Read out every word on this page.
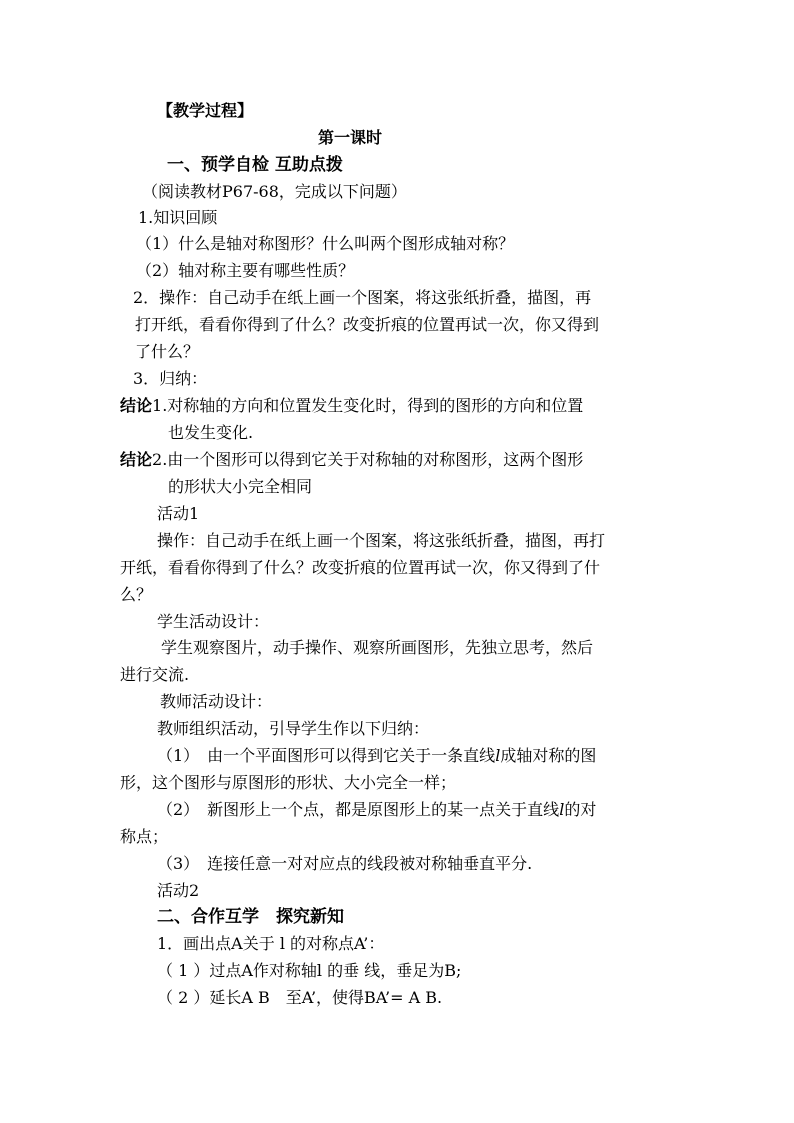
【教学过程】
第一课时
一、预学自检 互助点拨
（阅读教材P67-68，完成以下问题）
1.知识回顾
（1）什么是轴对称图形？什么叫两个图形成轴对称？
（2）轴对称主要有哪些性质？
2．操作：自己动手在纸上画一个图案，将这张纸折叠，描图，再
打开纸，看看你得到了什么？改变折痕的位置再试一次，你又得到
了什么？
3．归纳：
结论1.对称轴的方向和位置发生变化时，得到的图形的方向和位置
也发生变化.
结论2.由一个图形可以得到它关于对称轴的对称图形，这两个图形
的形状大小完全相同
活动1
操作：自己动手在纸上画一个图案，将这张纸折叠，描图，再打
开纸，看看你得到了什么？改变折痕的位置再试一次，你又得到了什
么？
学生活动设计：
学生观察图片，动手操作、观察所画图形，先独立思考，然后
进行交流.
教师活动设计：
教师组织活动，引导学生作以下归纳：
（1）　由一个平面图形可以得到它关于一条直线l成轴对称的图
形，这个图形与原图形的形状、大小完全一样；
（2）　新图形上一个点，都是原图形上的某一点关于直线l的对
称点；
（3）　连接任意一对对应点的线段被对称轴垂直平分.
活动2
二、合作互学　探究新知
1．画出点A关于 l 的对称点A’：
（ 1 ）过点A作对称轴l 的垂 线，垂足为B;
（ 2 ）延长A B　至A’，使得BA’= A B.
